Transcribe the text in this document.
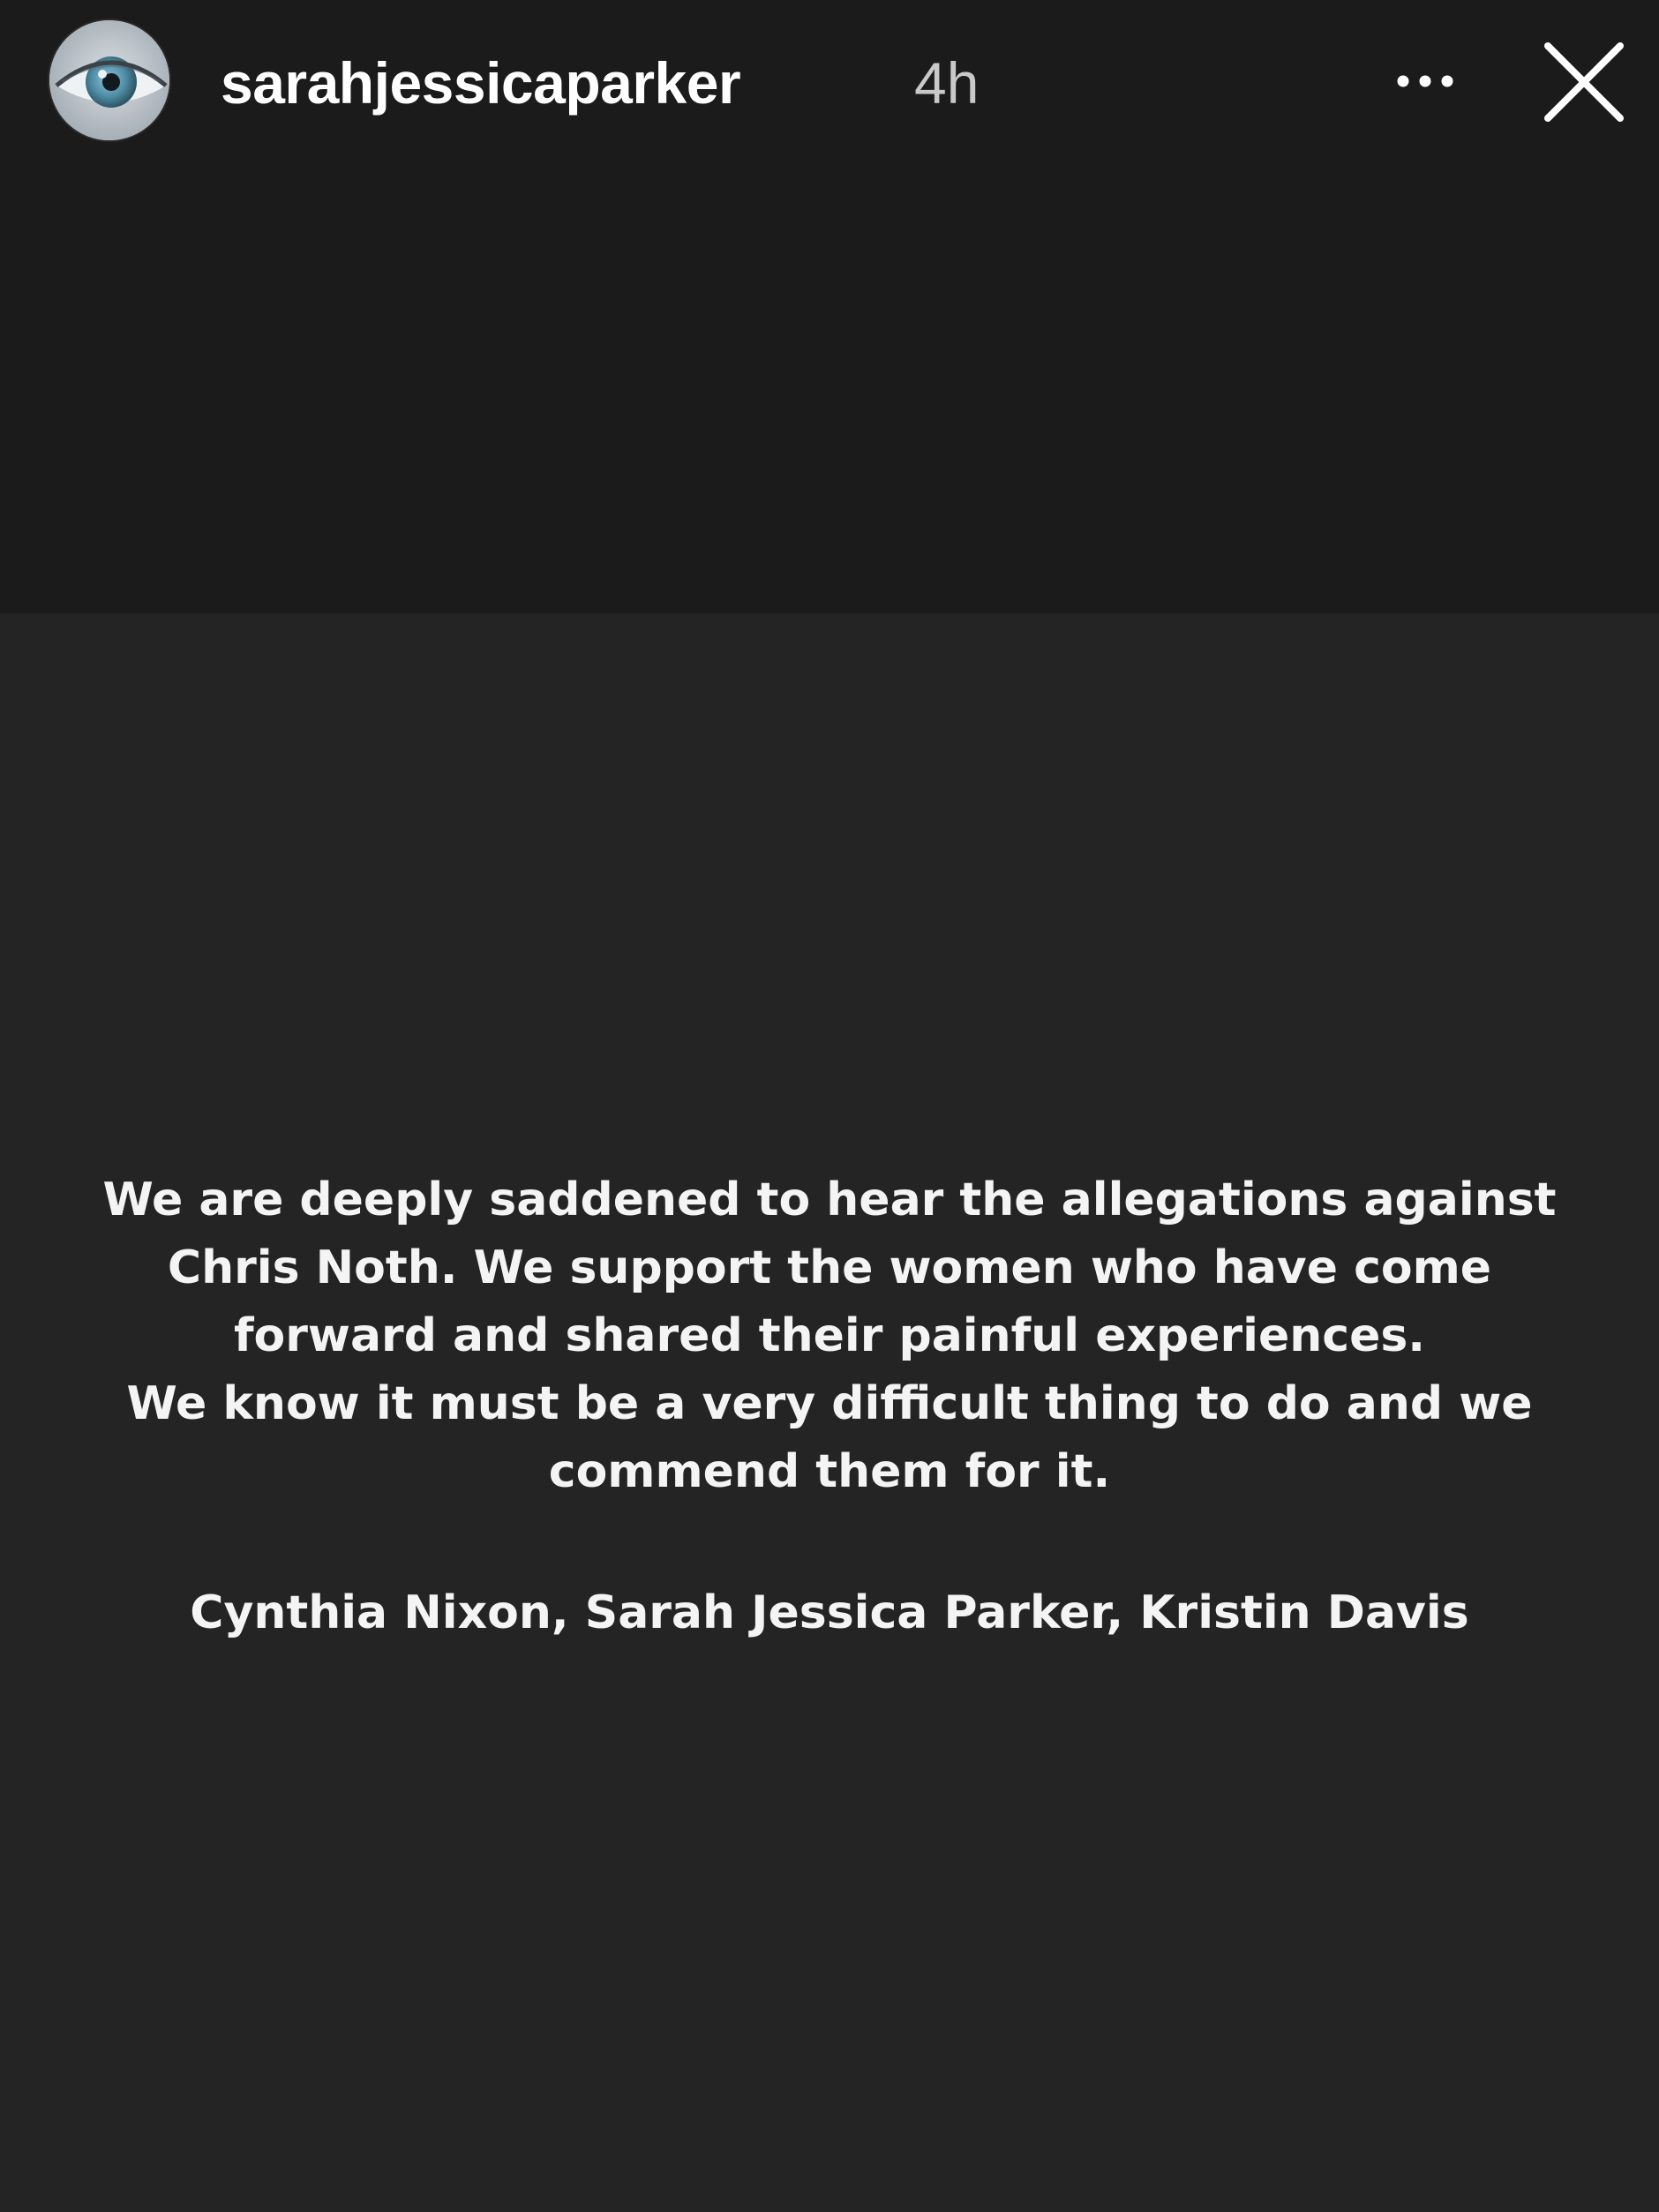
sarahjessicaparker	4h
We are deeply saddened to hear the allegations against
Chris Noth. We support the women who have come
forward and shared their painful experiences.
We know it must be a very difficult thing to do and we
commend them for it.
Cynthia Nixon, Sarah Jessica Parker, Kristin Davis
